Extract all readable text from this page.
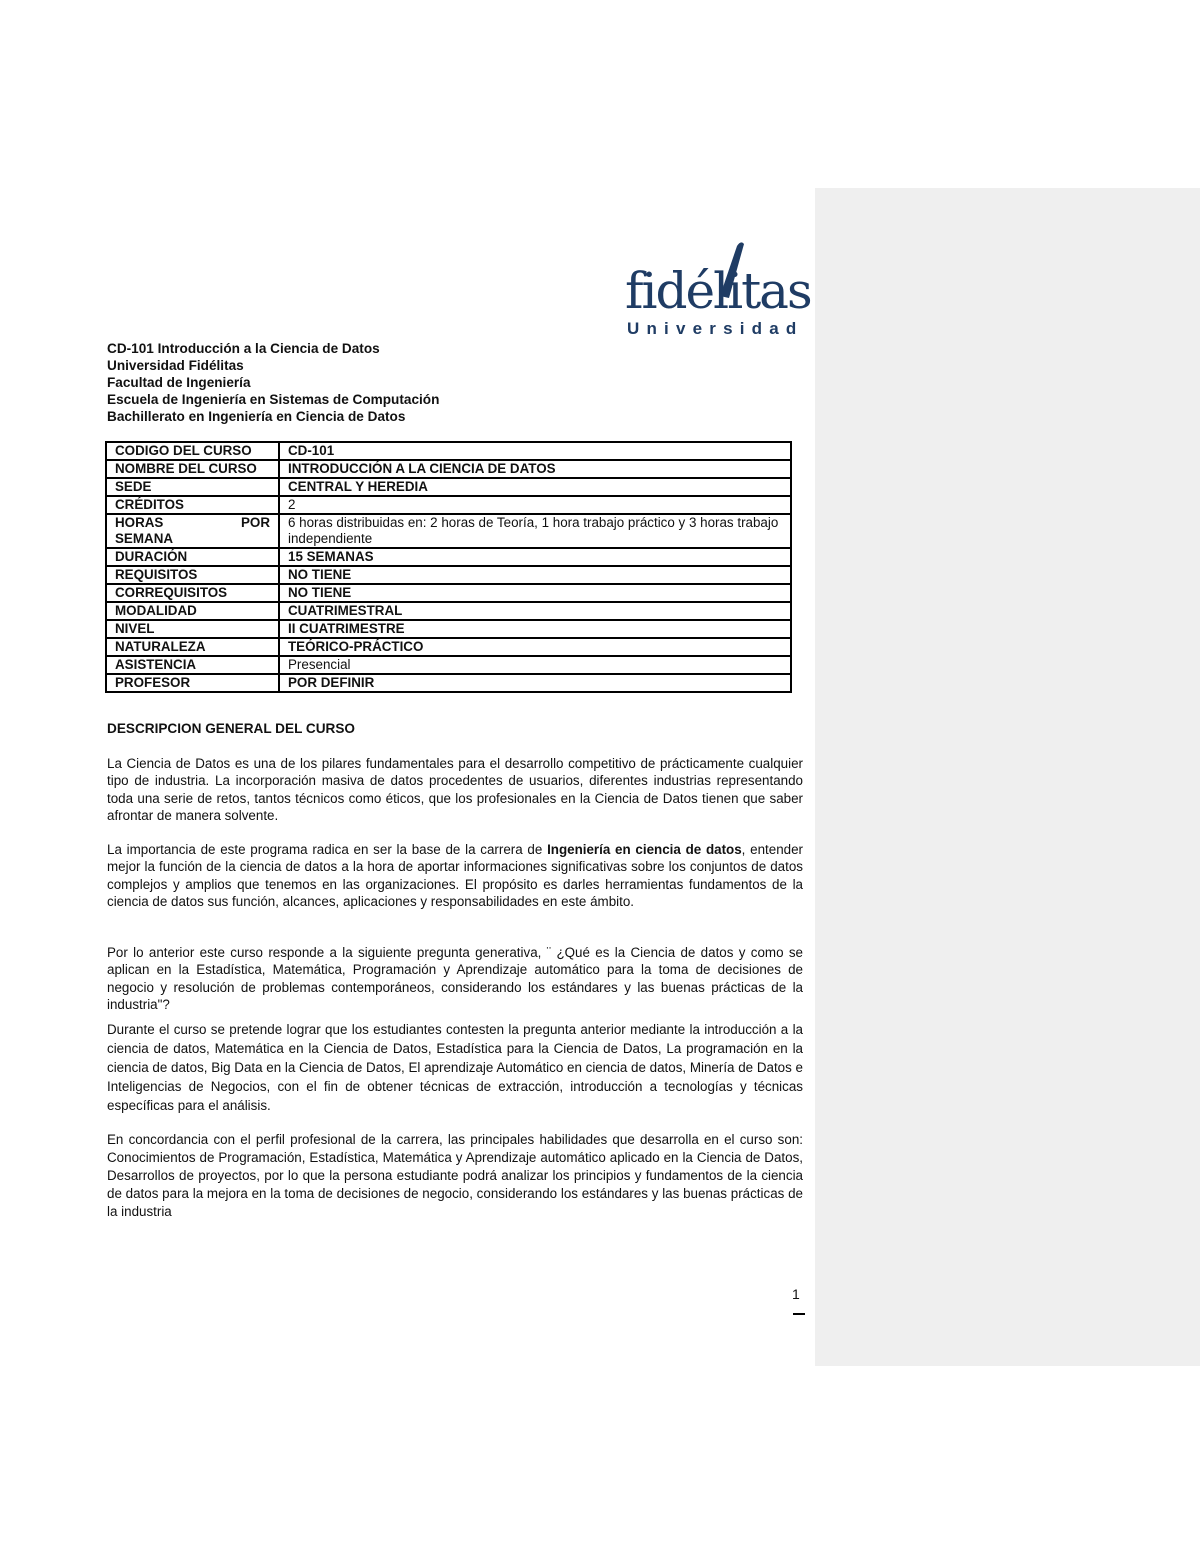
fidélitas
Universidad
CD-101 Introducción a la Ciencia de Datos
Universidad Fidélitas
Facultad de Ingeniería
Escuela de Ingeniería en Sistemas de Computación
Bachillerato en Ingeniería en Ciencia de Datos
CODIGO DEL CURSO	CD-101
NOMBRE DEL CURSO	INTRODUCCIÓN A LA CIENCIA DE DATOS
SEDE	CENTRAL Y HEREDIA
CRÉDITOS	2

HORAS POR
SEMANA	6 horas distribuidas en: 2 horas de Teoría, 1 hora trabajo práctico y 3 horas trabajo independiente
DURACIÓN	15 SEMANAS
REQUISITOS	NO TIENE
CORREQUISITOS	NO TIENE
MODALIDAD	CUATRIMESTRAL
NIVEL	II CUATRIMESTRE
NATURALEZA	TEÓRICO-PRÁCTICO
ASISTENCIA	Presencial
PROFESOR	POR DEFINIR
DESCRIPCION GENERAL DEL CURSO

La Ciencia de Datos es una de los pilares fundamentales para el desarrollo competitivo de prácticamente cualquier tipo de industria. La incorporación masiva de datos procedentes de usuarios, diferentes industrias representando toda una serie de retos, tantos técnicos como éticos, que los profesionales en la Ciencia de Datos tienen que saber afrontar de manera solvente.

La importancia de este programa radica en ser la base de la carrera de Ingeniería en ciencia de datos, entender mejor la función de la ciencia de datos a la hora de aportar informaciones significativas sobre los conjuntos de datos complejos y amplios que tenemos en las organizaciones. El propósito es darles herramientas fundamentos de la ciencia de datos sus función, alcances, aplicaciones y responsabilidades en este ámbito.

Por lo anterior este curso responde a la siguiente pregunta generativa, ¨ ¿Qué es la Ciencia de datos y como se aplican en la Estadística, Matemática, Programación y Aprendizaje automático para la toma de decisiones de negocio y resolución de problemas contemporáneos, considerando los estándares y las buenas prácticas de la industria"?

Durante el curso se pretende lograr que los estudiantes contesten la pregunta anterior mediante la introducción a la ciencia de datos, Matemática en la Ciencia de Datos, Estadística para la Ciencia de Datos, La programación en la ciencia de datos, Big Data en la Ciencia de Datos, El aprendizaje Automático en ciencia de datos, Minería de Datos e Inteligencias de Negocios, con el fin de obtener técnicas de extracción, introducción a tecnologías y técnicas específicas para el análisis.

En concordancia con el perfil profesional de la carrera, las principales habilidades que desarrolla en el curso son: Conocimientos de Programación, Estadística, Matemática y Aprendizaje automático aplicado en la Ciencia de Datos, Desarrollos de proyectos, por lo que la persona estudiante podrá analizar los principios y fundamentos de la ciencia de datos para la mejora en la toma de decisiones de negocio, considerando los estándares y las buenas prácticas de la industria

1
